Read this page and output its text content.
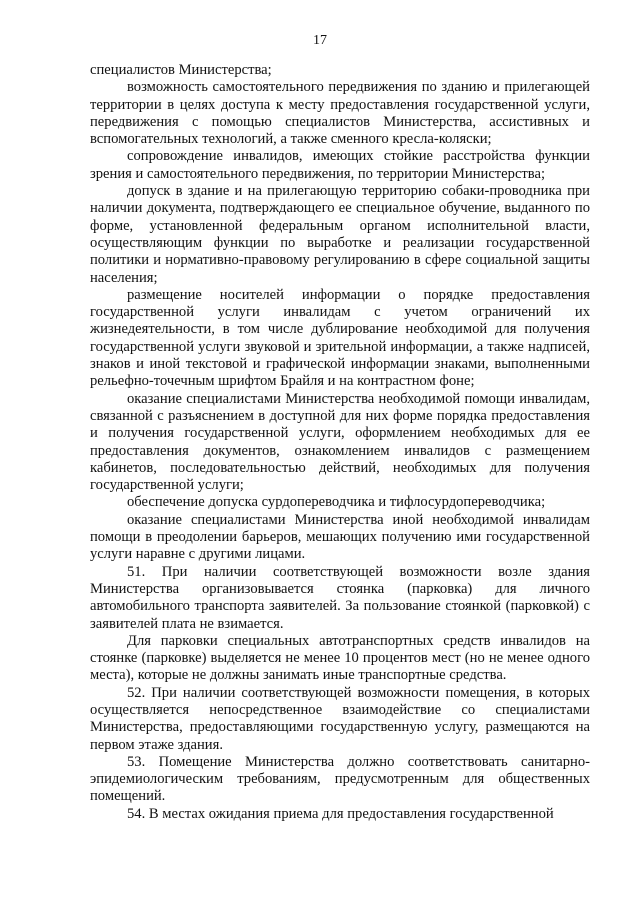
17

специалистов Министерства;

возможность самостоятельного передвижения по зданию и прилегающей территории в целях доступа к месту предоставления государственной услуги, передвижения с помощью специалистов Министерства, ассистивных и вспомогательных технологий, а также сменного кресла-коляски;

сопровождение инвалидов, имеющих стойкие расстройства функции зрения и самостоятельного передвижения, по территории Министерства;

допуск в здание и на прилегающую территорию собаки-проводника при наличии документа, подтверждающего ее специальное обучение, выданного по форме, установленной федеральным органом исполнительной власти, осуществляющим функции по выработке и реализации государственной политики и нормативно-правовому регулированию в сфере социальной защиты населения;

размещение носителей информации о порядке предоставления государственной услуги инвалидам с учетом ограничений их жизнедеятельности, в том числе дублирование необходимой для получения государственной услуги звуковой и зрительной информации, а также надписей, знаков и иной текстовой и графической информации знаками, выполненными рельефно-точечным шрифтом Брайля и на контрастном фоне;

оказание специалистами Министерства необходимой помощи инвалидам, связанной с разъяснением в доступной для них форме порядка предоставления и получения государственной услуги, оформлением необходимых для ее предоставления документов, ознакомлением инвалидов с размещением кабинетов, последовательностью действий, необходимых для получения государственной услуги;

обеспечение допуска сурдопереводчика и тифлосурдопереводчика;

оказание специалистами Министерства иной необходимой инвалидам помощи в преодолении барьеров, мешающих получению ими государственной услуги наравне с другими лицами.

51. При наличии соответствующей возможности возле здания Министерства организовывается стоянка (парковка) для личного автомобильного транспорта заявителей. За пользование стоянкой (парковкой) с заявителей плата не взимается.

Для парковки специальных автотранспортных средств инвалидов на стоянке (парковке) выделяется не менее 10 процентов мест (но не менее одного места), которые не должны занимать иные транспортные средства.

52. При наличии соответствующей возможности помещения, в которых осуществляется непосредственное взаимодействие со специалистами Министерства, предоставляющими государственную услугу, размещаются на первом этаже здания.

53. Помещение Министерства должно соответствовать санитарно-эпидемиологическим требованиям, предусмотренным для общественных помещений.

54. В местах ожидания приема для предоставления государственной
